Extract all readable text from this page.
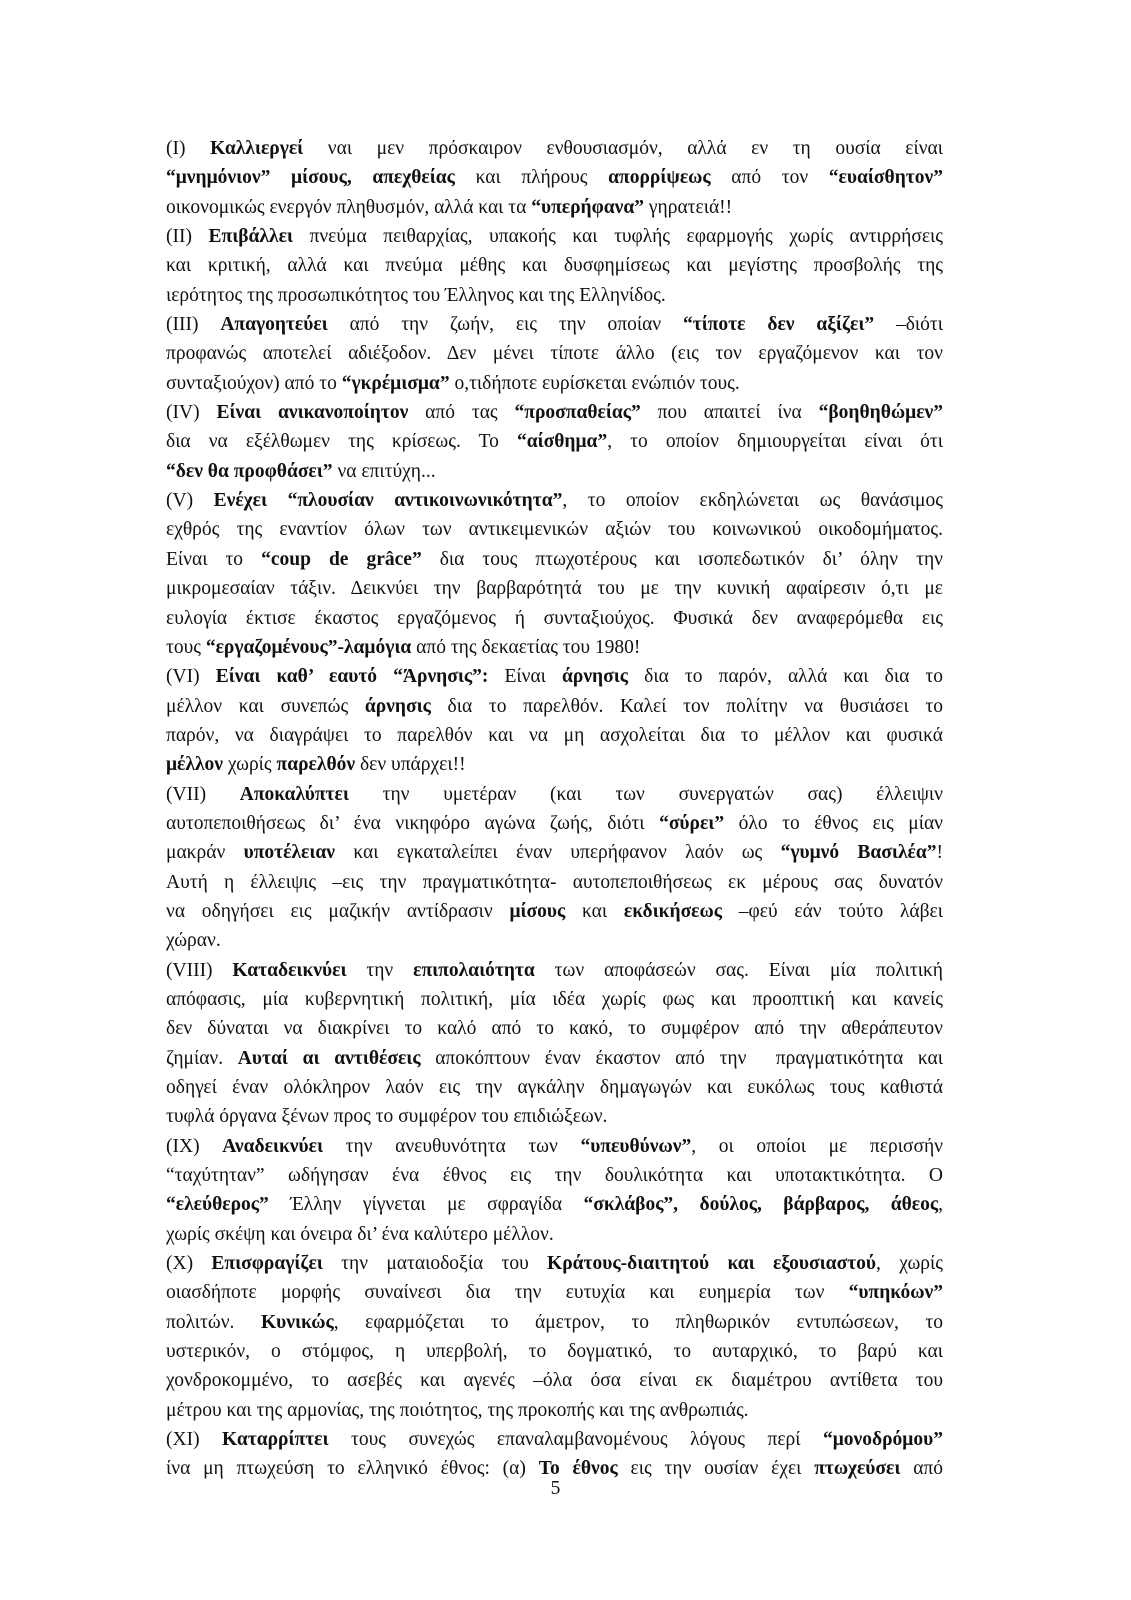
(I) Καλλιεργεί ναι μεν πρόσκαιρον ενθουσιασμόν, αλλά εν τη ουσία είναι
“μνημόνιον” μίσους, απεχθείας και πλήρους απορρίψεως από τον “ευαίσθητον”
οικονομικώς ενεργόν πληθυσμόν, αλλά και τα “υπερήφανα” γηρατειά!!
(II) Επιβάλλει πνεύμα πειθαρχίας, υπακοής και τυφλής εφαρμογής χωρίς αντιρρήσεις
και κριτική, αλλά και πνεύμα μέθης και δυσφημίσεως και μεγίστης προσβολής της
ιερότητος της προσωπικότητος του Έλληνος και της Ελληνίδος.
(III) Απαγοητεύει από την ζωήν, εις την οποίαν “τίποτε δεν αξίζει” –διότι
προφανώς αποτελεί αδιέξοδον. Δεν μένει τίποτε άλλο (εις τον εργαζόμενον και τον
συνταξιούχον) από το “γκρέμισμα” ο,τιδήποτε ευρίσκεται ενώπιόν τους.
(IV) Είναι ανικανοποίητον από τας “προσπαθείας” που απαιτεί ίνα “βοηθηθώμεν”
δια να εξέλθωμεν της κρίσεως. Το “αίσθημα”, το οποίον δημιουργείται είναι ότι
“δεν θα προφθάσει” να επιτύχη...
(V) Ενέχει “πλουσίαν αντικοινωνικότητα”, το οποίον εκδηλώνεται ως θανάσιμος
εχθρός της εναντίον όλων των αντικειμενικών αξιών του κοινωνικού οικοδομήματος.
Είναι το “coup de grâce” δια τους πτωχοτέρους και ισοπεδωτικόν δι’ όλην την
μικρομεσαίαν τάξιν. Δεικνύει την βαρβαρότητά του με την κυνική αφαίρεσιν ό,τι με
ευλογία έκτισε έκαστος εργαζόμενος ή συνταξιούχος. Φυσικά δεν αναφερόμεθα εις
τους “εργαζομένους”-λαμόγια από της δεκαετίας του 1980!
(VI) Είναι καθ’ εαυτό “Άρνησις”: Είναι άρνησις δια το παρόν, αλλά και δια το
μέλλον και συνεπώς άρνησις δια το παρελθόν. Καλεί τον πολίτην να θυσιάσει το
παρόν, να διαγράψει το παρελθόν και να μη ασχολείται δια το μέλλον και φυσικά
μέλλον χωρίς παρελθόν δεν υπάρχει!!
(VII) Αποκαλύπτει την υμετέραν (και των συνεργατών σας) έλλειψιν
αυτοπεποιθήσεως δι’ ένα νικηφόρο αγώνα ζωής, διότι “σύρει” όλο το έθνος εις μίαν
μακράν υποτέλειαν και εγκαταλείπει έναν υπερήφανον λαόν ως “γυμνό Βασιλέα”!
Αυτή η έλλειψις –εις την πραγματικότητα- αυτοπεποιθήσεως εκ μέρους σας δυνατόν
να οδηγήσει εις μαζικήν αντίδρασιν μίσους και εκδικήσεως –φεύ εάν τούτο λάβει
χώραν.
(VIII) Καταδεικνύει την επιπολαιότητα των αποφάσεών σας. Είναι μία πολιτική
απόφασις, μία κυβερνητική πολιτική, μία ιδέα χωρίς φως και προοπτική και κανείς
δεν δύναται να διακρίνει το καλό από το κακό, το συμφέρον από την αθεράπευτον
ζημίαν. Αυταί αι αντιθέσεις αποκόπτουν έναν έκαστον από την  πραγματικότητα και
οδηγεί έναν ολόκληρον λαόν εις την αγκάλην δημαγωγών και ευκόλως τους καθιστά
τυφλά όργανα ξένων προς το συμφέρον του επιδιώξεων.
(IX) Αναδεικνύει την ανευθυνότητα των “υπευθύνων”, οι οποίοι με περισσήν
“ταχύτηταν” ωδήγησαν ένα έθνος εις την δουλικότητα και υποτακτικότητα. Ο
“ελεύθερος” Έλλην γίγνεται με σφραγίδα “σκλάβος”, δούλος, βάρβαρος, άθεος,
χωρίς σκέψη και όνειρα δι’ ένα καλύτερο μέλλον.
(X) Επισφραγίζει την ματαιοδοξία του Κράτους-διαιτητού και εξουσιαστού, χωρίς
οιασδήποτε μορφής συναίνεσι δια την ευτυχία και ευημερία των “υπηκόων”
πολιτών. Κυνικώς, εφαρμόζεται το άμετρον, το πληθωρικόν εντυπώσεων, το
υστερικόν, ο στόμφος, η υπερβολή, το δογματικό, το αυταρχικό, το βαρύ και
χονδροκομμένο, το ασεβές και αγενές –όλα όσα είναι εκ διαμέτρου αντίθετα του
μέτρου και της αρμονίας, της ποιότητος, της προκοπής και της ανθρωπιάς.
(XI) Καταρρίπτει τους συνεχώς επαναλαμβανομένους λόγους περί “μονοδρόμου”
ίνα μη πτωχεύση το ελληνικό έθνος: (α) Το έθνος εις την ουσίαν έχει πτωχεύσει από
5
